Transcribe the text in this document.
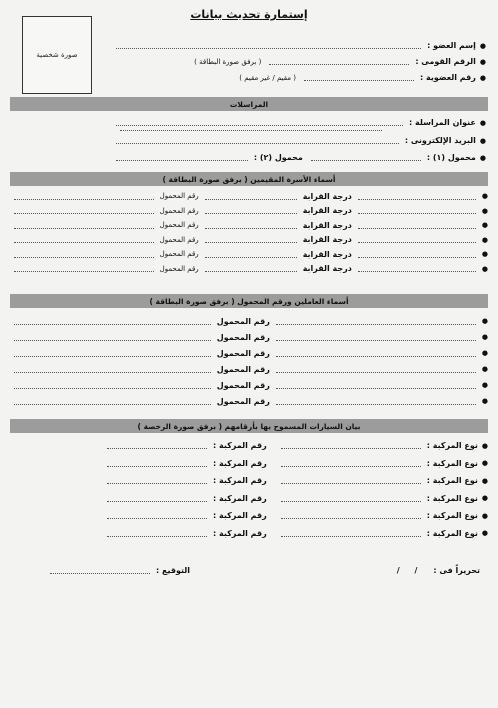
إستمارة تحديث بيانات
صورة شخصية
●
إسم العضو :
●
الرقم القومى :
( برفق صورة البطاقة )
●
رقم العضوية :
( مقيم / غير مقيم )
المراسلات
●
عنوان المراسلة :
●
البريد الإلكترونى :
●
محمول (١) :
محمول (٢) :
أسماء الأسرة المقيمين ( برفق صورة البطاقة )
●
درجة القرابة
رقم المحمول
●
درجة القرابة
رقم المحمول
●
درجة القرابة
رقم المحمول
●
درجة القرابة
رقم المحمول
●
درجة القرابة
رقم المحمول
●
درجة القرابة
رقم المحمول
أسماء العاملين ورقم المحمول ( برفق صورة البطاقة )
●
رقم المحمول
●
رقم المحمول
●
رقم المحمول
●
رقم المحمول
●
رقم المحمول
●
رقم المحمول
بيان السيارات المسموح بها بأرقامهم ( برفق صورة الرخصة )
●
نوع المركبة :
رقم المركبة :
●
نوع المركبة :
رقم المركبة :
●
نوع المركبة :
رقم المركبة :
●
نوع المركبة :
رقم المركبة :
●
نوع المركبة :
رقم المركبة :
●
نوع المركبة :
رقم المركبة :
تحريراً فى :
/ /
التوقيع :
